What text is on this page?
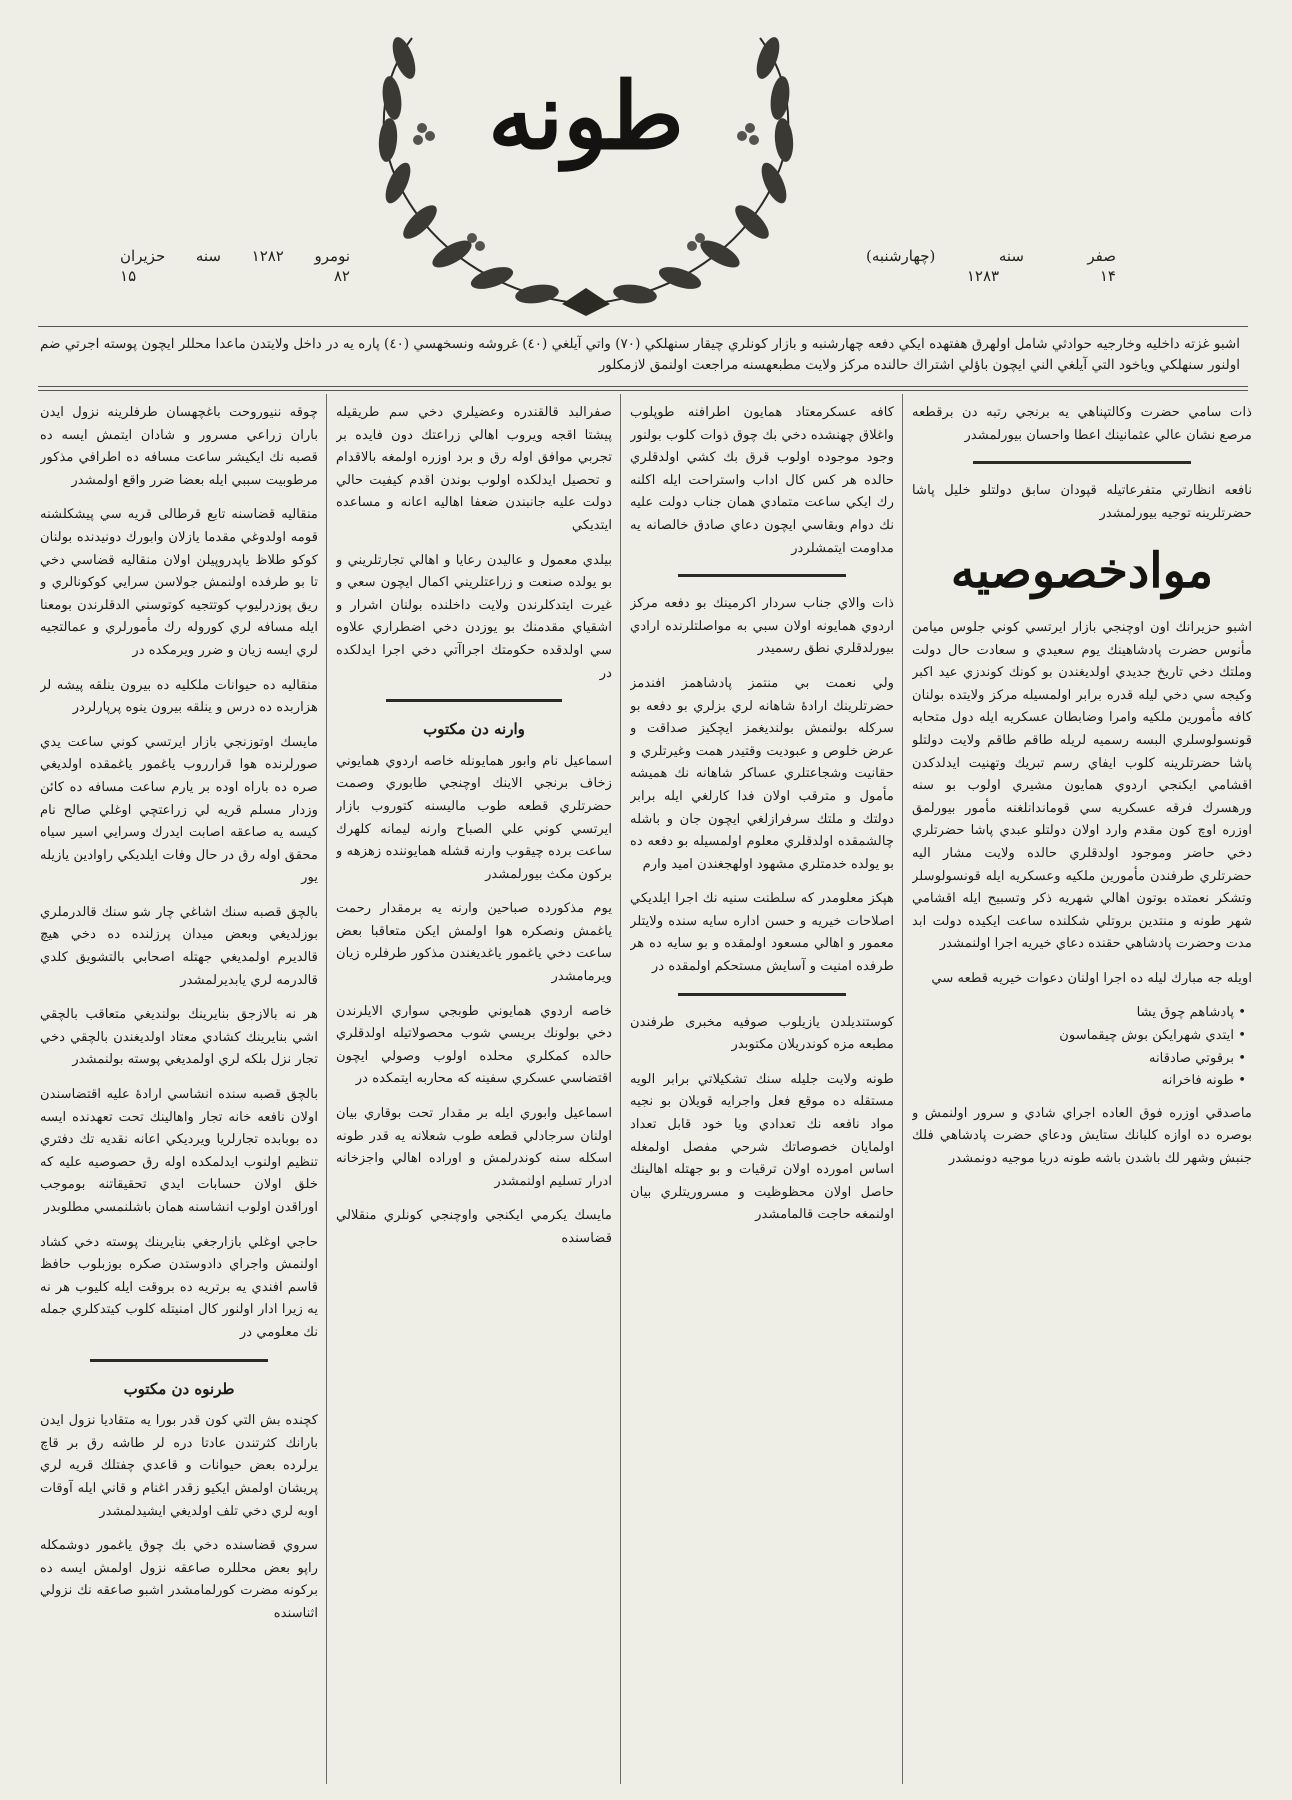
طونه
نومرو
۱۲۸۲
سنه
حزيران
۸۲
۱۵
صفر
سنه
(چهارشنبه)
۱۴
۱۲۸۳
اشبو غزته داخليه وخارجيه حوادثي شامل اولهرق هفتهده ايكي دفعه چهارشنبه و بازار كونلري چيقار سنهلكي (۷۰) واتي آيلغي (٤۰) غروشه ونسخهسي (٤۰) پاره يه در داخل ولايتدن ماعدا محللر ايچون پوسته اجرتي ضم اولنور سنهلكي وياخود التي آيلغي الني ايچون باؤلي اشتراك حالنده مركز ولايت مطبعهسنه مراجعت اولنمق لازمكلور

ذات سامي حضرت وكالتپناهي يه برنجي رتبه دن برقطعه مرصع نشان عالي عثمانينك اعطا واحسان بيورلمشدر

نافعه انظارتي متفرعاتيله قپودان سابق دولتلو خليل پاشا حضرتلرينه توجيه بيورلمشدر

موادخصوصيه

اشبو حزيرانك اون اوچنجي بازار ايرتسي كوني جلوس ميامن مأنوس حضرت پادشاهينك يوم سعيدي و سعادت حال دولت وملتك دخي تاريخ جديدي اولديغندن بو كونك كوندزي عيد اكبر وكيجه سي دخي ليله قدره برابر اولمسيله مركز ولايتده بولنان كافه مأمورين ملكيه وامرا وضابطان عسكريه ايله دول متحابه قونسولوسلري البسه رسميه لريله طاقم طاقم ولايت دولتلو پاشا حضرتلرينه كلوب ايفاي رسم تبريك وتهنيت ايدلدكدن اقشامي ايكنجي اردوي همايون مشيري اولوب بو سنه ورهسرك فرقه عسكريه سي قوماندانلغنه مأمور بيورلمق اوزره اوچ كون مقدم وارد اولان دولتلو عبدي پاشا حضرتلري دخي حاضر وموجود اولدقلري حالده ولايت مشار اليه حضرتلري طرفندن مأمورين ملكيه وعسكريه ايله قونسولوسلر وتشكر نعمتده بوتون اهالي شهريه ذكر وتسبيح ايله اقشامي شهر طونه و منتدين بروتلي شكلنده ساعت ايكيده دولت ابد مدت وحضرت پادشاهي حقنده دعاي خيريه اجرا اولنمشدر

اويله جه مبارك ليله ده اجرا اولنان دعوات خيريه قطعه سي

• پادشاهم چوق يشا
• ايتدي شهرايكن بوش چيقماسون
• برقوتي صادقانه
• طونه فاخرانه

ماصدقي اوزره فوق العاده اجراي شادي و سرور اولنمش و بوصره ده اوازه كلبانك ستايش ودعاي حضرت پادشاهي فلك جنبش وشهر لك باشدن باشه طونه دريا موجيه دونمشدر

كافه عسكرمعتاد همايون اطرافنه طوپلوب واغلاق چهنشده دخي بك چوق ذوات كلوب بولنور وجود موجوده اولوب قرق بك كشي اولدقلري حالده هر كس كال اداب واستراحت ايله اكلنه رك ايكي ساعت متمادي همان جناب دولت عليه نك دوام وبقاسي ايچون دعاي صادق خالصانه يه مداومت ايتمشلردر

ذات والاي جناب سردار اكرمينك بو دفعه مركز اردوي همايونه اولان سبي به مواصلتلرنده ارادي بيورلدقلري نطق رسميدر

ولي نعمت بي منتمز پادشاهمز افندمز حضرتلرينك ارادهٔ شاهانه لري بزلري بو دفعه بو سركله بولنمش بولنديغمز ايچكيز صداقت و عرض خلوص و عبوديت وقتيدر همت وغيرتلري و حقانيت وشجاعتلري عساكر شاهانه نك هميشه مأمول و مترقب اولان فدا كارلغي ايله برابر دولتك و ملتك سرفرازلغي ايچون جان و باشله چالشمقده اولدقلري معلوم اولمسيله بو دفعه ده بو يولده خدمتلري مشهود اولهجغندن اميد وارم

هپكز معلومدر كه سلطنت سنيه نك اجرا ايلديكي اصلاحات خيريه و حسن اداره سايه سنده ولايتلر معمور و اهالي مسعود اولمقده و بو سايه ده هر طرفده امنيت و آسايش مستحكم اولمقده در

كوستنديلدن يازيلوب صوفيه مخبرى طرفندن مطبعه مزه كوندريلان مكتوبدر

طونه ولايت جليله سنك تشكيلاتي برابر الويه مستقله ده موقع فعل واجرايه قويلان بو نجيه مواد نافعه نك تعدادي ويا خود قابل تعداد اولمايان خصوصاتك شرحي مفصل اولمغله اساس امورده اولان ترقيات و بو جهتله اهالينك حاصل اولان محظوظيت و مسروريتلري بيان اولنمغه حاجت قالمامشدر

صفرالبد قالقندره وعضيلري دخي سم طريقيله پيشتا اقجه ويروب اهالي زراعتك دون فايده بر تجربي موافق اوله رق و برد اوزره اولمغه بالاقدام و تحصيل ايدلكده اولوب بوندن اقدم كيفيت حالي دولت عليه جانبندن ضعفا اهاليه اعانه و مساعده ايتديكي

بيلدي معمول و عاليدن رعايا و اهالي تجارتلريني و بو يولده صنعت و زراعتلريني اكمال ايچون سعي و غيرت ايتدكلرندن ولايت داخلنده بولنان اشرار و اشقياي مقدمنك بو يوزدن دخي اضطراري علاوه سي اولدقده حكومتك اجراآتي دخي اجرا ايدلكده در

وارنه دن مكتوب

اسماعيل نام وابور همايونله خاصه اردوي همايوني زخاف برنجي الاينك اوچنجي طابوري وصمت حضرتلري قطعه طوب ماليسنه كتوروب بازار ايرتسي كوني علي الصباح وارنه ليمانه كلهرك ساعت برده چيقوب وارنه قشله همايوننده زهزهه و بركون مكث بيورلمشدر

يوم مذكورده صباحين وارنه يه برمقدار رحمت ياغمش ونصكره هوا اولمش ايكن متعاقبا بعض ساعت دخي ياغمور ياغديغندن مذكور طرفلره زيان ويرمامشدر

خاصه اردوي همايوني طوبجي سواري الايلرندن دخي بولونك بريسي شوب محصولاتيله اولدقلري حالده كمكلري محلده اولوب وصولي ايچون اقتضاسي عسكري سفينه كه محاربه ايتمكده در

اسماعيل وابوري ايله بر مقدار تحت بوقاري بيان اولنان سرجادلي قطعه طوب شعلانه يه قدر طونه اسكله سنه كوندرلمش و اوراده اهالي واجزخانه ادرار تسليم اولنمشدر

مايسك يكرمي ايكنجي واوچنجي كونلري منقلالي قضاسنده

چوقه ننيوروحت باغچهسان طرفلرينه نزول ايدن باران زراعي مسرور و شادان ايتمش ايسه ده قصبه نك ايكيشر ساعت مسافه ده اطرافي مذكور مرطوبيت سببي ايله بعضا ضرر واقع اولمشدر

منقاليه قضاسنه تابع قرطالى قريه سي پيشكلشنه قومه اولدوغي مقدما يازلان وابورك دونيدنده بولنان كوكو طلاظ ياپدروپيلن اولان منقاليه قضاسي دخي تا بو طرفده اولنمش جولاسن سرايي كوكونالري و ريق پوزدرليوپ كوتتجيه كوتوسني الدقلرندن بومعنا ايله مسافه لري كوروله رك مأمورلري و عمالتجيه لري ايسه زيان و ضرر ويرمكده در

منقاليه ده حيوانات ملكليه ده بيرون ينلقه پيشه لر هزاربده ده درس و ينلقه بيرون ينوه پرپارلردر

مايسك اوتوزنجي بازار ايرتسي كوني ساعت يدي صورلرنده هوا قرارروب ياغمور ياغمقده اولديغي صره ده باراه اوده بر يارم ساعت مسافه ده كائن وزدار مسلم قريه لي زراعتچي اوغلي صالح نام كيسه يه صاعقه اصابت ايدرك وسرايي اسير سياه محقق اوله رق در حال وفات ايلديكي راوادين يازيله يور

بالچق قصبه سنك اشاغي چار شو سنك قالدرملري بوزلديغي وبعض ميدان پرزلنده ده دخي هيچ قالديرم اولمديغي جهتله اصحابي بالتشويق كلدي قالدرمه لري يابديرلمشدر

هر نه بالازجق بنايرينك بولنديغي متعاقب بالچقي اشي بنايرينك كشادي معتاد اولديغندن بالچقي دخي تجار نزل بلكه لري اولمديغي پوسته بولنمشدر

بالچق قصبه سنده انشاسي ارادهٔ عليه اقتضاسندن اولان نافعه خانه تجار واهالينك تحت تعهدنده ايسه ده بوبابده تجارلريا ويرديكي اعانه نقديه تك دفتري تنظيم اولنوب ايدلمكده اوله رق حصوصيه عليه كه خلق اولان حسابات ايدي تحقيقاتنه بوموجب اوراقدن اولوب انشاسنه همان باشلنمسي مطلوبدر

حاجي اوغلي بازارجغي بنايرينك پوسته دخي كشاد اولنمش واجراي دادوستدن صكره بوزبلوب حافظ قاسم افندي يه برتريه ده بروقت ايله كليوب هر نه يه زيرا ادار اولنور كال امنيتله كلوب كيتدكلري جمله نك معلومي در

طرنوه دن مكتوب

كچنده بش التي كون قدر بورا يه متقاديا نزول ايدن بارانك كثرتندن عادتا دره لر طاشه رق بر قاچ يرلرده بعض حيوانات و قاعدي چفتلك قريه لري پريشان اولمش ايكيو زقدر اغنام و قاني ايله آوقات اوبه لري دخي تلف اولديغي ايشيدلمشدر

سروي قضاسنده دخي بك چوق ياغمور دوشمكله راپو بعض محللره صاعقه نزول اولمش ايسه ده بركونه مضرت كورلمامشدر اشبو صاعقه نك نزولي اثناسنده
